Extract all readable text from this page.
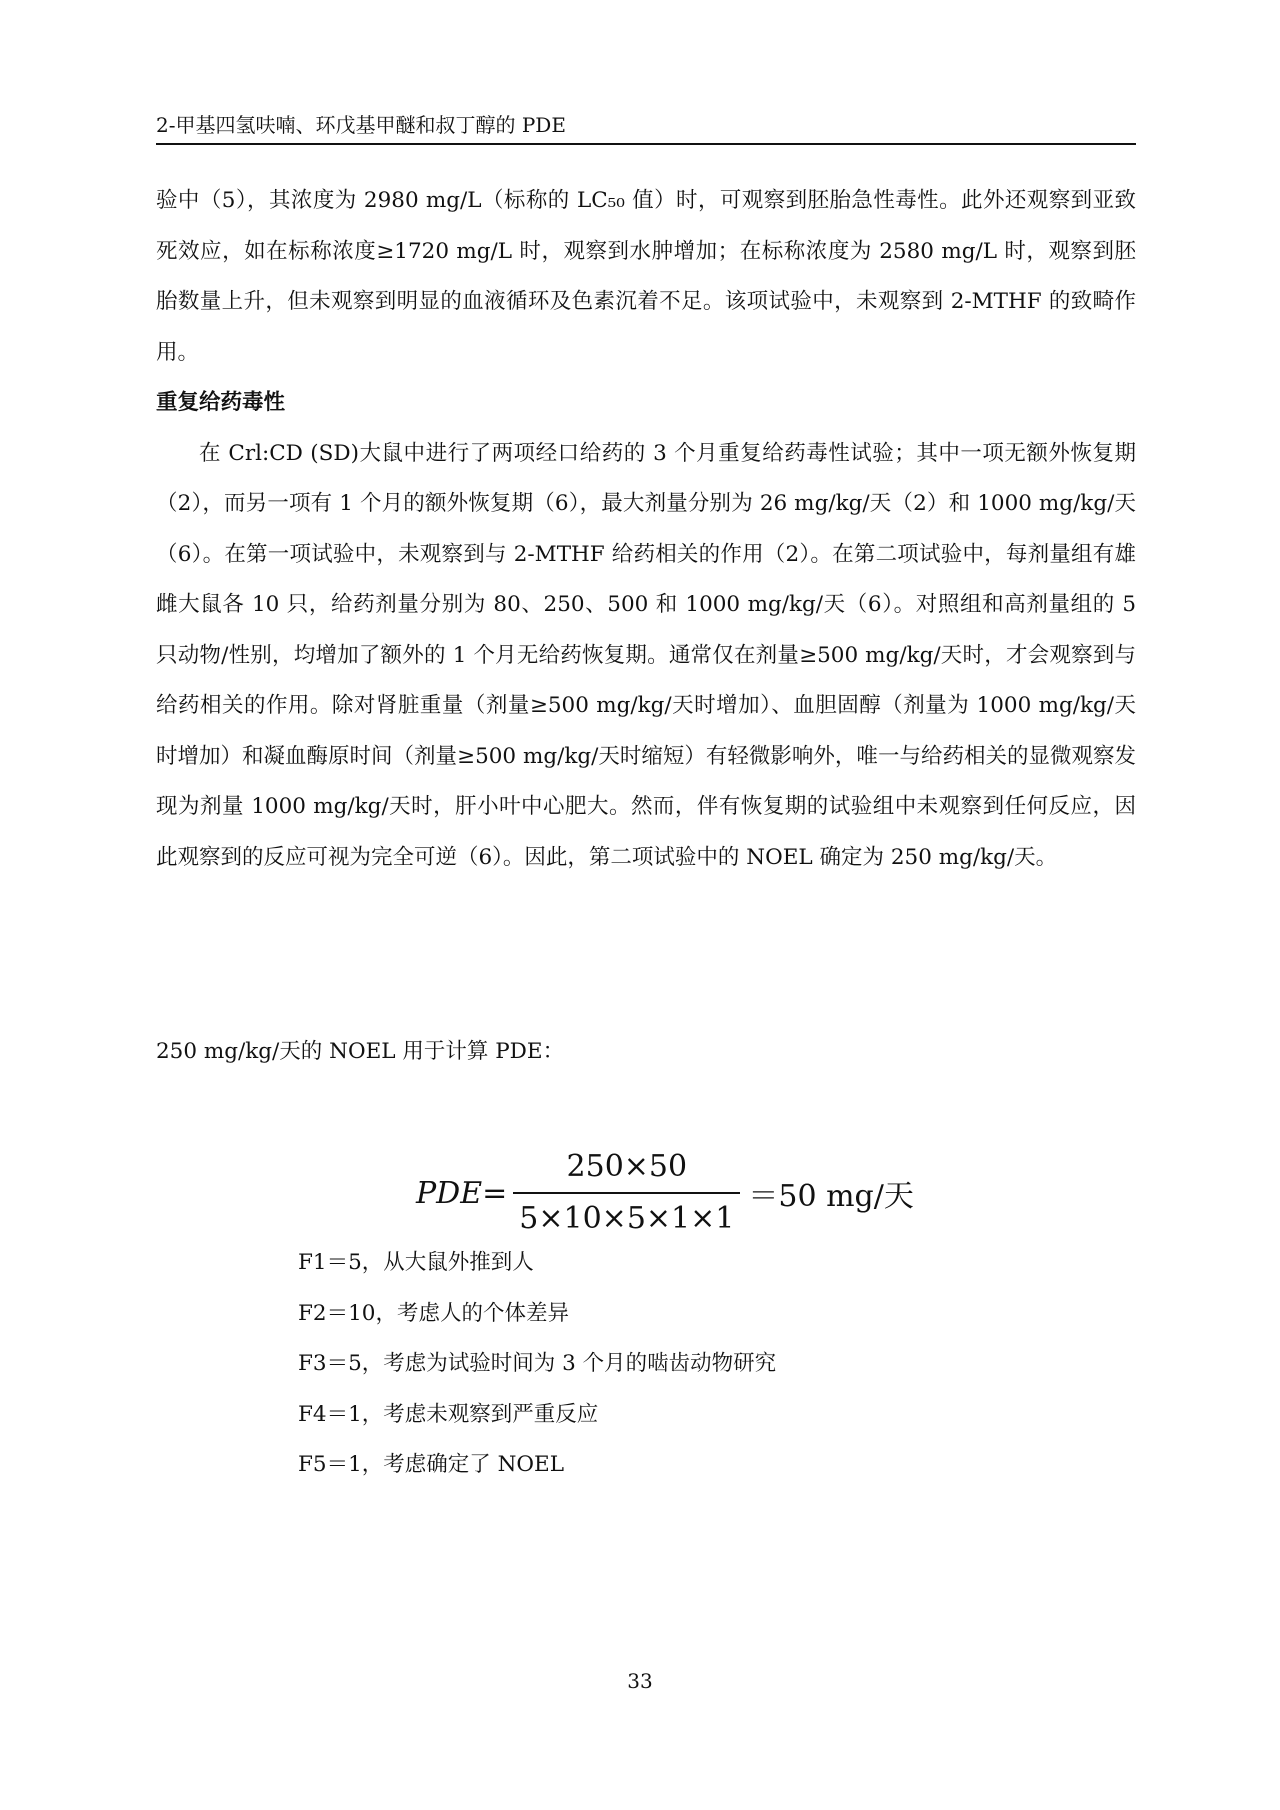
2-甲基四氢呋喃、环戊基甲醚和叔丁醇的 PDE

验中（5），其浓度为 2980 mg/L（标称的 LC₅₀ 值）时，可观察到胚胎急性毒性。此外还观察到亚致死效应，如在标称浓度≥1720 mg/L 时，观察到水肿增加；在标称浓度为 2580 mg/L 时，观察到胚胎数量上升，但未观察到明显的血液循环及色素沉着不足。该项试验中，未观察到 2-MTHF 的致畸作用。

重复给药毒性

在 Crl:CD (SD)大鼠中进行了两项经口给药的 3 个月重复给药毒性试验；其中一项无额外恢复期（2），而另一项有 1 个月的额外恢复期（6），最大剂量分别为 26 mg/kg/天（2）和 1000 mg/kg/天（6）。在第一项试验中，未观察到与 2-MTHF 给药相关的作用（2）。在第二项试验中，每剂量组有雄雌大鼠各 10 只，给药剂量分别为 80、250、500 和 1000 mg/kg/天（6）。对照组和高剂量组的 5 只动物/性别，均增加了额外的 1 个月无给药恢复期。通常仅在剂量≥500 mg/kg/天时，才会观察到与给药相关的作用。除对肾脏重量（剂量≥500 mg/kg/天时增加）、血胆固醇（剂量为 1000 mg/kg/天时增加）和凝血酶原时间（剂量≥500 mg/kg/天时缩短）有轻微影响外，唯一与给药相关的显微观察发现为剂量 1000 mg/kg/天时，肝小叶中心肥大。然而，伴有恢复期的试验组中未观察到任何反应，因此观察到的反应可视为完全可逆（6）。因此，第二项试验中的 NOEL 确定为 250 mg/kg/天。

250 mg/kg/天的 NOEL 用于计算 PDE：
$PDE= \frac{250\times 50}{5\times 10\times 5\times 1\times 1} =50$ mg/天
F1＝5，从大鼠外推到人
F2＝10，考虑人的个体差异
F3＝5，考虑为试验时间为 3 个月的啮齿动物研究
F4＝1，考虑未观察到严重反应
F5＝1，考虑确定了 NOEL
33
